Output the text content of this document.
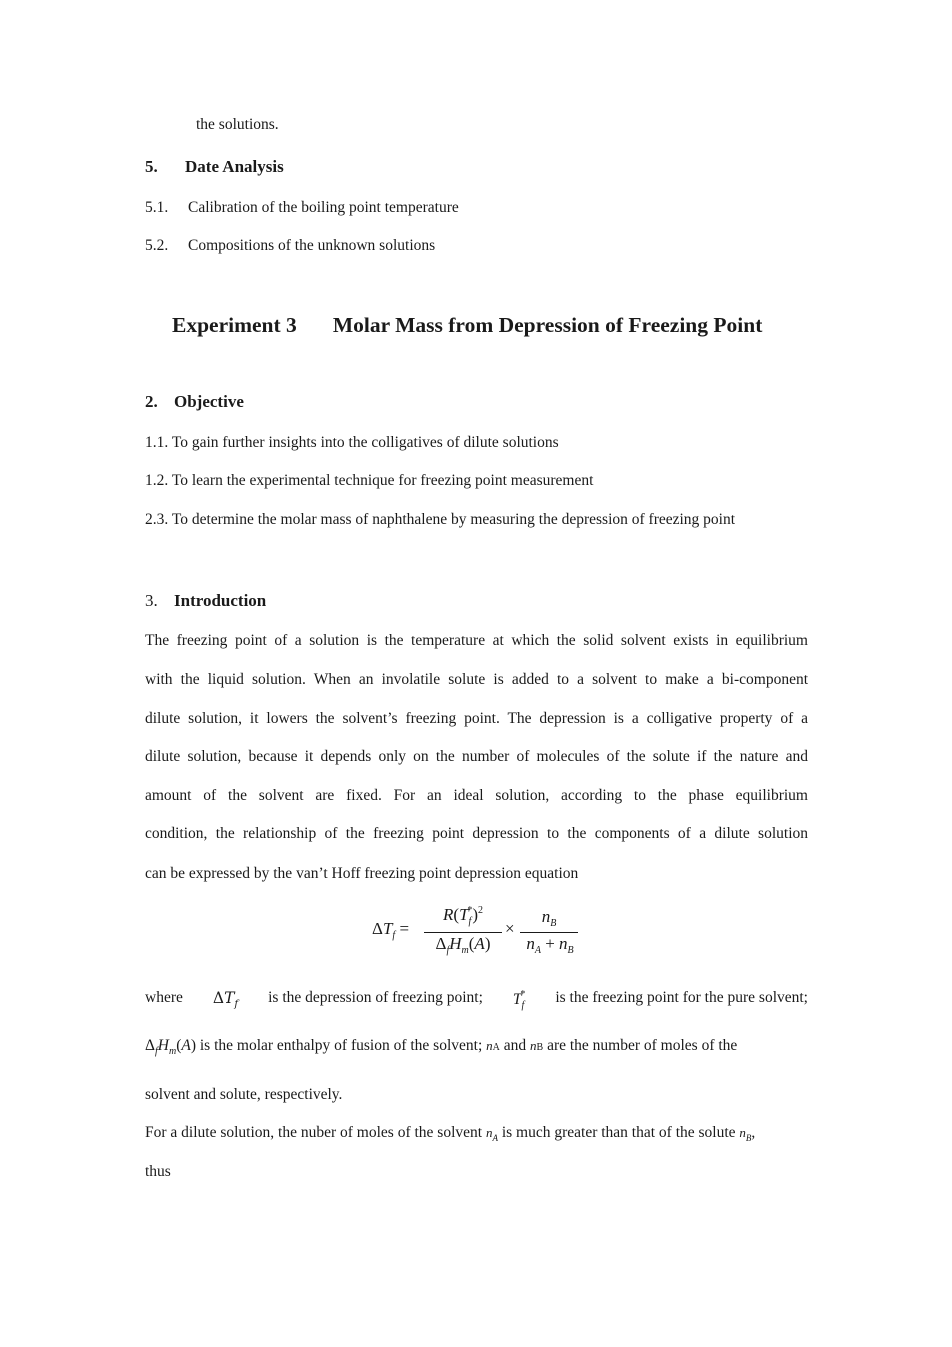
the solutions.
5. Date Analysis
5.1. Calibration of the boiling point temperature
5.2. Compositions of the unknown solutions
Experiment 3 Molar Mass from Depression of Freezing Point
2. Objective
1.1. To gain further insights into the colligatives of dilute solutions
1.2. To learn the experimental technique for freezing point measurement
2.3. To determine the molar mass of naphthalene by measuring the depression of freezing point
3. Introduction
The freezing point of a solution is the temperature at which the solid solvent exists in equilibrium
with the liquid solution. When an involatile solute is added to a solvent to make a bi-component
dilute solution, it lowers the solvent’s freezing point. The depression is a colligative property of a
dilute solution, because it depends only on the number of molecules of the solute if the nature and
amount of the solvent are fixed. For an ideal solution, according to the phase equilibrium
condition, the relationship of the freezing point depression to the components of a dilute solution
can be expressed by the van’t Hoff freezing point depression equation
$\Delta T_f$ =
$R(T_f^*)^2$
$\Delta_fH_m(A)$
×
$n_B$
$n_A + n_B$
where $\Delta T_f$ is the depression of freezing point; $T_f^*$ is the freezing point for the pure solvent;
$\Delta_fH_m(A)$ is the molar enthalpy of fusion of the solvent; nA and nB are the number of moles of the
solvent and solute, respectively.
For a dilute solution, the nuber of moles of the solvent $n_A$ is much greater than that of the solute $n_B$,
thus
